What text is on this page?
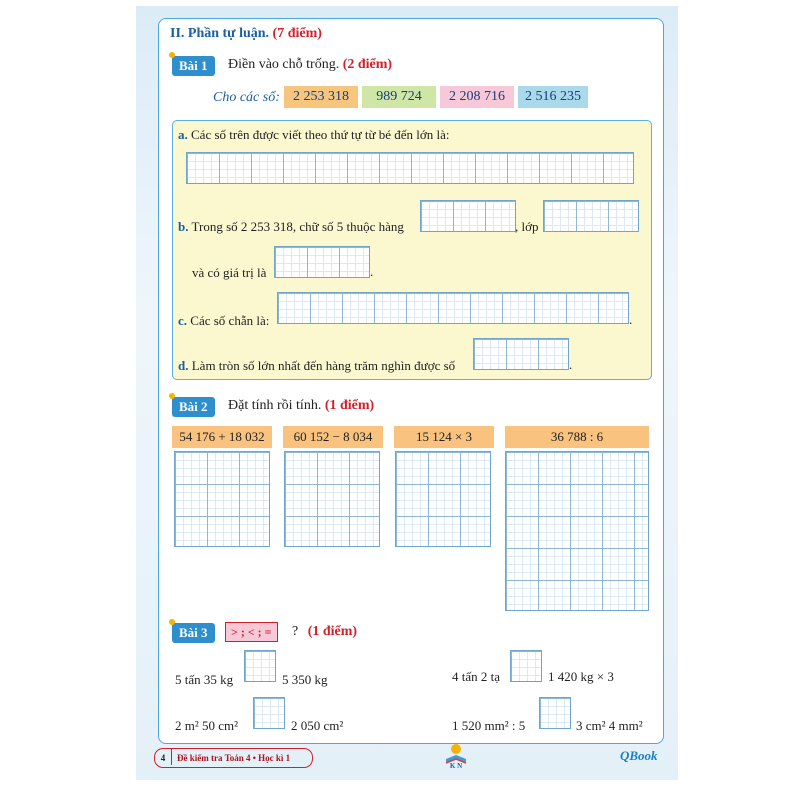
II. Phần tự luận. (7 điểm)
Bài 1	Điền vào chỗ trống. (2 điểm)
Cho các số: 2 253 318	989 724	2 208 716	2 516 235
a. Các số trên được viết theo thứ tự từ bé đến lớn là:
b. Trong số 2 253 318, chữ số 5 thuộc hàng	, lớp
và có giá trị là	.
c. Các số chẵn là:	.
d. Làm tròn số lớn nhất đến hàng trăm nghìn được số	.
Bài 2	Đặt tính rồi tính. (1 điểm)
54 176 + 18 032	60 152 − 8 034	15 124 × 3	36 788 : 6
Bài 3	> ; < ; =	? (1 điểm)
5 tấn 35 kg	5 350 kg	4 tấn 2 tạ	1 420 kg × 3
2 m² 50 cm²	2 050 cm²	1 520 mm² : 5	3 cm² 4 mm²
4	Đề kiểm tra Toán 4 • Học kì 1
K N
QBook
